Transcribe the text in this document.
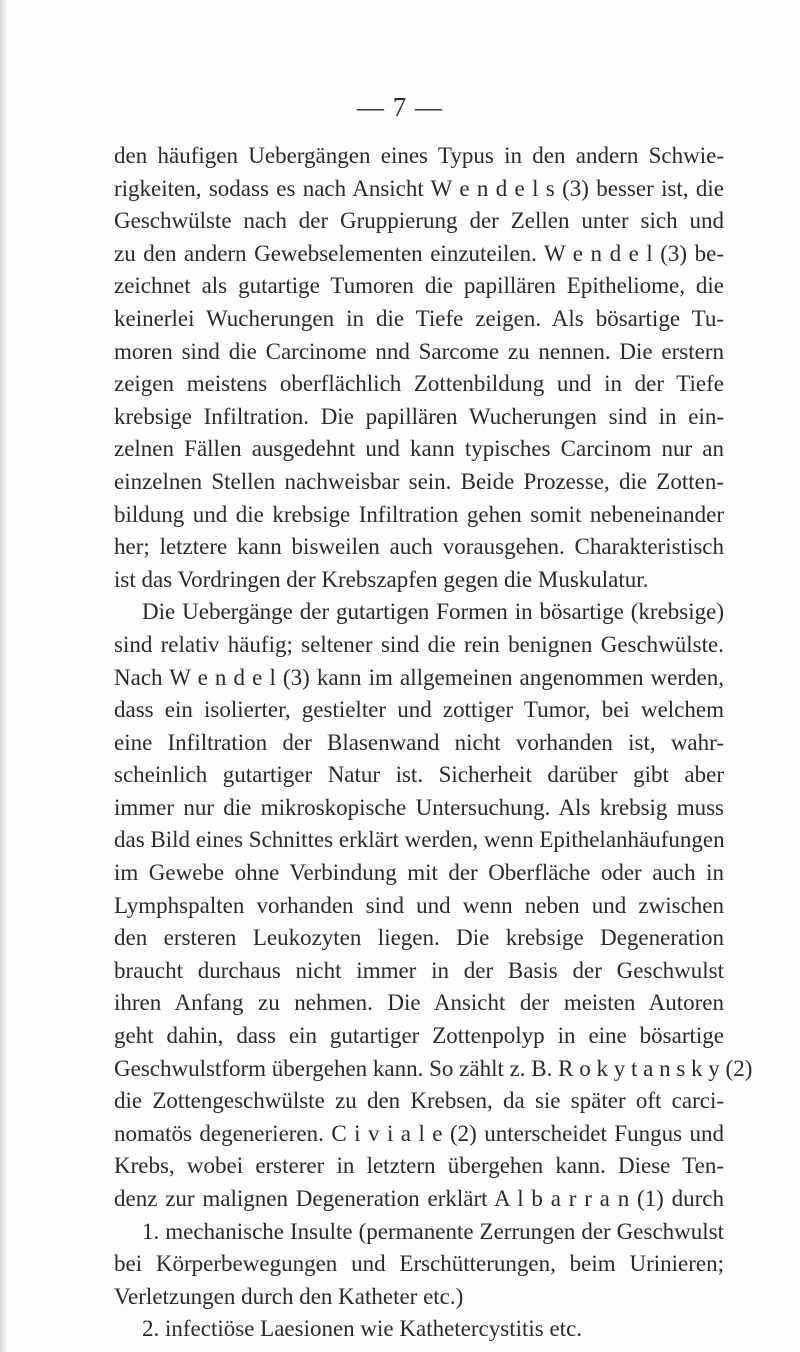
— 7 —
den häufigen Uebergängen eines Typus in den andern Schwie-
rigkeiten, sodass es nach Ansicht W e n d e l s (3) besser ist, die
Geschwülste nach der Gruppierung der Zellen unter sich und
zu den andern Gewebselementen einzuteilen. W e n d e l (3) be-
zeichnet als gutartige Tumoren die papillären Epitheliome, die
keinerlei Wucherungen in die Tiefe zeigen. Als bösartige Tu-
moren sind die Carcinome nnd Sarcome zu nennen. Die erstern
zeigen meistens oberflächlich Zottenbildung und in der Tiefe
krebsige Infiltration. Die papillären Wucherungen sind in ein-
zelnen Fällen ausgedehnt und kann typisches Carcinom nur an
einzelnen Stellen nachweisbar sein. Beide Prozesse, die Zotten-
bildung und die krebsige Infiltration gehen somit nebeneinander
her; letztere kann bisweilen auch vorausgehen. Charakteristisch
ist das Vordringen der Krebszapfen gegen die Muskulatur.
Die Uebergänge der gutartigen Formen in bösartige (krebsige)
sind relativ häufig; seltener sind die rein benignen Geschwülste.
Nach W e n d e l (3) kann im allgemeinen angenommen werden,
dass ein isolierter, gestielter und zottiger Tumor, bei welchem
eine Infiltration der Blasenwand nicht vorhanden ist, wahr-
scheinlich gutartiger Natur ist. Sicherheit darüber gibt aber
immer nur die mikroskopische Untersuchung. Als krebsig muss
das Bild eines Schnittes erklärt werden, wenn Epithelanhäufungen
im Gewebe ohne Verbindung mit der Oberfläche oder auch in
Lymphspalten vorhanden sind und wenn neben und zwischen
den ersteren Leukozyten liegen. Die krebsige Degeneration
braucht durchaus nicht immer in der Basis der Geschwulst
ihren Anfang zu nehmen. Die Ansicht der meisten Autoren
geht dahin, dass ein gutartiger Zottenpolyp in eine bösartige
Geschwulstform übergehen kann. So zählt z. B. R o k y t a n s k y (2)
die Zottengeschwülste zu den Krebsen, da sie später oft carci-
nomatös degenerieren. C i v i a l e (2) unterscheidet Fungus und
Krebs, wobei ersterer in letztern übergehen kann. Diese Ten-
denz zur malignen Degeneration erklärt A l b a r r a n (1) durch
1. mechanische Insulte (permanente Zerrungen der Geschwulst
bei Körperbewegungen und Erschütterungen, beim Urinieren;
Verletzungen durch den Katheter etc.)
2. infectiöse Laesionen wie Kathetercystitis etc.
